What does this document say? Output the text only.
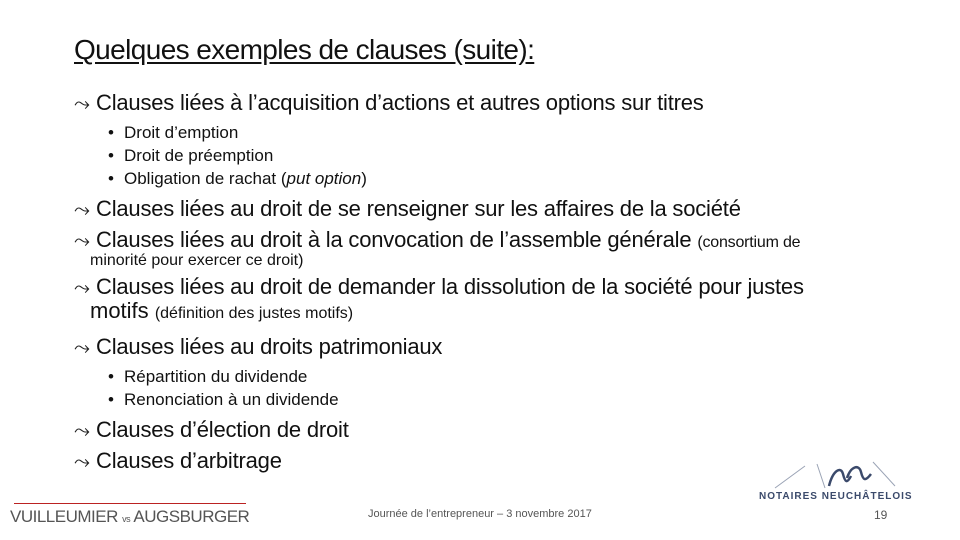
Quelques exemples de clauses (suite):
⤳ Clauses liées à l’acquisition d’actions et autres options sur titres
• Droit d’emption
• Droit de préemption
• Obligation de rachat (put option)
⤳ Clauses liées au droit de se renseigner sur les affaires de la société
⤳ Clauses liées au droit à la convocation de l’assemble générale (consortium de
minorité pour exercer ce droit)
⤳ Clauses liées au droit de demander la dissolution de la société pour justes
motifs (définition des justes motifs)
⤳ Clauses liées au droits patrimoniaux
• Répartition du dividende
• Renonciation à un dividende
⤳ Clauses d’élection de droit
⤳ Clauses d’arbitrage
VUILLEUMIER vs AUGSBURGER	Journée de l’entrepreneur – 3 novembre 2017
NOTAIRES NEUCHÂTELOIS
19
